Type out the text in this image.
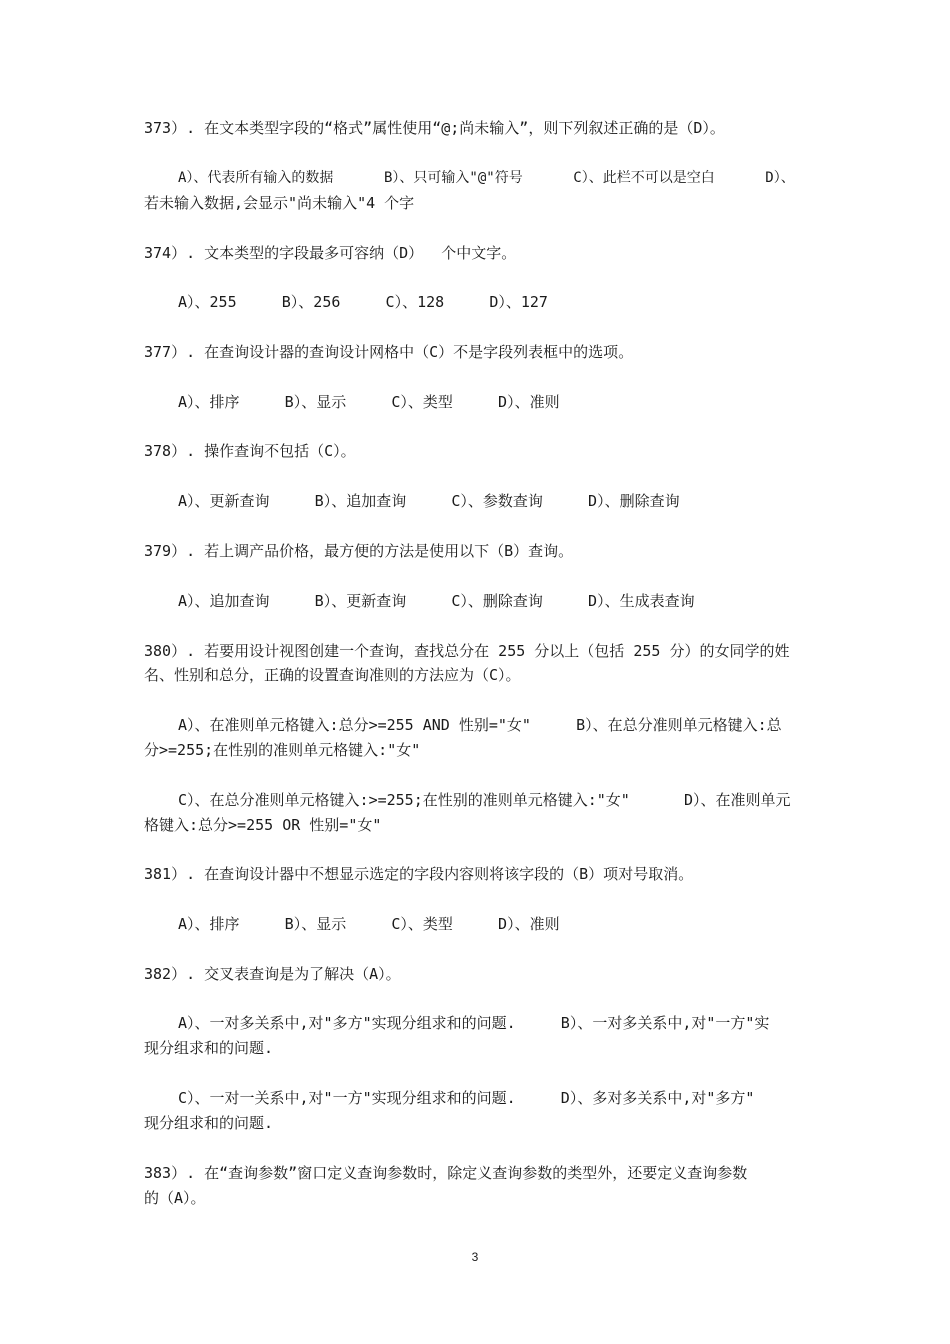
373）. 在文本类型字段的“格式”属性使用“@;尚未输入”，则下列叙述正确的是（D）。
A）、代表所有输入的数据      B）、只可输入"@"符号      C）、此栏不可以是空白      D）、
若未输入数据,会显示"尚未输入"4 个字
374）. 文本类型的字段最多可容纳（D）  个中文字。
A）、255     B）、256     C）、128     D）、127
377）. 在查询设计器的查询设计网格中（C）不是字段列表框中的选项。
A）、排序     B）、显示     C）、类型     D）、准则
378）. 操作查询不包括（C）。
A）、更新查询     B）、追加查询     C）、参数查询     D）、删除查询
379）. 若上调产品价格，最方便的方法是使用以下（B）查询。
A）、追加查询     B）、更新查询     C）、删除查询     D）、生成表查询
380）. 若要用设计视图创建一个查询，查找总分在 255 分以上（包括 255 分）的女同学的姓
名、性别和总分，正确的设置查询准则的方法应为（C）。
A）、在准则单元格键入:总分>=255 AND 性别="女"     B）、在总分准则单元格键入:总
分>=255;在性别的准则单元格键入:"女"
C）、在总分准则单元格键入:>=255;在性别的准则单元格键入:"女"      D）、在准则单元
格键入:总分>=255 OR 性别="女"
381）. 在查询设计器中不想显示选定的字段内容则将该字段的（B）项对号取消。
A）、排序     B）、显示     C）、类型     D）、准则
382）. 交叉表查询是为了解决（A）。
A）、一对多关系中,对"多方"实现分组求和的问题.     B）、一对多关系中,对"一方"实
现分组求和的问题.
C）、一对一关系中,对"一方"实现分组求和的问题.     D）、多对多关系中,对"多方"
现分组求和的问题.
383）. 在“查询参数”窗口定义查询参数时，除定义查询参数的类型外，还要定义查询参数
的（A）。
3
